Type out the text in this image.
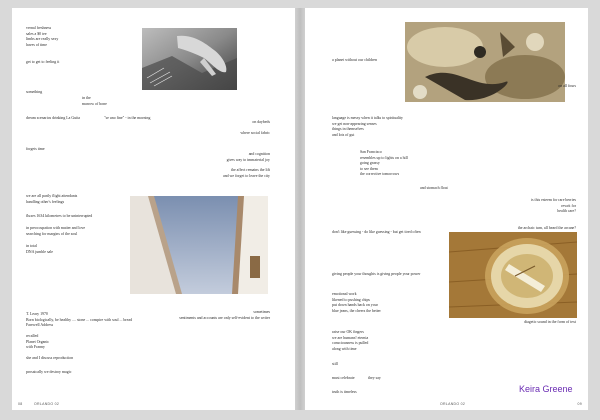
vernal freshness
sales a $0 tee
limbs are really sexy
haves of time
get to get to feeling it
something
in the
marrow of bone
dream scenarios drinking La Guita	"se uno fine" - in the morning
on daybeds
where social fabric
forgets time
and cognition
gives way to immaterial joy
the affect remains the lift
and we forget to leave the city
we are all partly flight attendants
handling other's feelings
fluxes 1634 kilometres to be uninterrupted
in preoccupation with matter and love
searching for margins of the soul
in total
DNA jumble sale
T. Leary 1970
Born biologically, be healthy .... stone ... conspire with soul ... bread
Farewell Address
sometimes
sentiments and accounts are only self-evident to the writer
recalled
Planet Organic
with Franny
she and I discuss reproduction
prosaically we destroy magic
08	ORLANDO 02
a planet without our children
on all fours
language is messy when it talks to spirituality
we get non-appearing senses
things in themselves
and lots of gut
San Francisco
resembles up to lights on a hill
going grassy
to see them
the corrective tomorrows
and stomach float
is this esteem for rare berries
rewrit for
health care?
don't like guessing - do like guessing - but get tired often
the archaic turn, all heard the arcane?
giving people your thoughts is giving people your power
emotional work
likened to pushing chips
put down hands back on your
blue jeans, the cheers the better
diagetic sound in the form of text
raise our OK fingers
we are humans! eternia
consciousness is pulled
along with time
still
must celebrate	they say
truth is timeless	Keira Greene
ORLANDO 02	09
